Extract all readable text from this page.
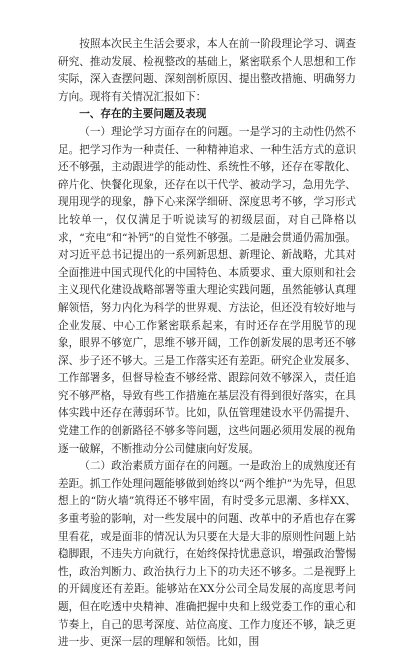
按照本次民主生活会要求，本人在前一阶段理论学习、调查研究、推动发展、检视整改的基础上，紧密联系个人思想和工作实际，深入查摆问题、深刻剖析原因、提出整改措施、明确努力方向。现将有关情况汇报如下：

一、存在的主要问题及表现

（一）理论学习方面存在的问题。一是学习的主动性仍然不足。把学习作为一种责任、一种精神追求、一种生活方式的意识还不够强，主动跟进学的能动性、系统性不够，还存在零散化、碎片化、快餐化现象，还存在以干代学、被动学习，急用先学、现用现学的现象，静下心来深学细研、深度思考不够，学习形式比较单一，仅仅满足于听说读写的初级层面，对自己降格以求，“充电”和“补钙”的自觉性不够强。二是融会贯通仍需加强。对习近平总书记提出的一系列新思想、新理论、新战略，尤其对全面推进中国式现代化的中国特色、本质要求、重大原则和社会主义现代化建设战略部署等重大理论实践问题，虽然能够认真理解领悟，努力内化为科学的世界观、方法论，但还没有较好地与企业发展、中心工作紧密联系起来，有时还存在学用脱节的现象，眼界不够宽广，思维不够开阔，工作创新发展的思考还不够深、步子还不够大。三是工作落实还有差距。研究企业发展多、工作部署多，但督导检查不够经常、跟踪问效不够深入，责任追究不够严格，导致有些工作措施在基层没有得到很好落实，在具体实践中还存在薄弱环节。比如，队伍管理建设水平仍需提升、党建工作的创新路径不够多等问题，这些问题必须用发展的视角逐一破解，不断推动分公司健康向好发展。

（二）政治素质方面存在的问题。一是政治上的成熟度还有差距。抓工作处理问题能够做到始终以“两个维护”为先导，但思想上的“防火墙”筑得还不够牢固，有时受多元思潮、多样XX、多重考验的影响，对一些发展中的问题、改革中的矛盾也存在雾里看花，或是面非的情况认为只要在大是大非的原则性问题上站稳脚跟，不违失方向就行，在始终保持忧患意识，增强政治警惕性，政治判断力、政治执行力上下的功夫还不够多。二是视野上的开阔度还有差距。能够站在XX分公司全局发展的高度思考问题，但在吃透中央精神、准确把握中央和上级党委工作的重心和节奏上，自己的思考深度、站位高度、工作力度还不够，缺乏更进一步、更深一层的理解和领悟。比如，围
